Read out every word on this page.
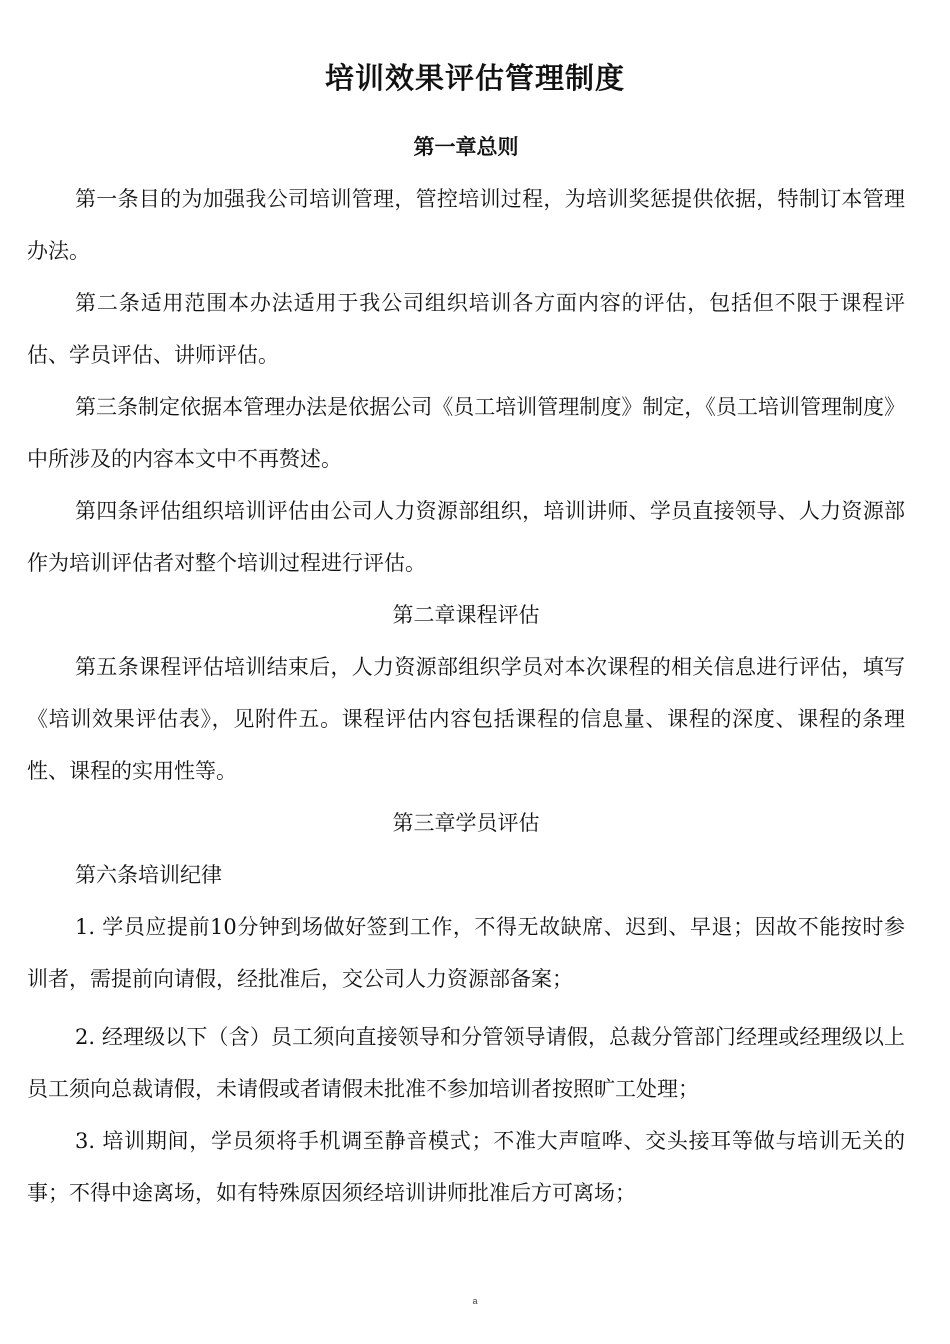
培训效果评估管理制度
第一章总则

第一条目的为加强我公司培训管理，管控培训过程，为培训奖惩提供依据，特制订本管理办法。

第二条适用范围本办法适用于我公司组织培训各方面内容的评估，包括但不限于课程评估、学员评估、讲师评估。

第三条制定依据本管理办法是依据公司《员工培训管理制度》制定，《员工培训管理制度》中所涉及的内容本文中不再赘述。

第四条评估组织培训评估由公司人力资源部组织，培训讲师、学员直接领导、人力资源部作为培训评估者对整个培训过程进行评估。

第二章课程评估

第五条课程评估培训结束后，人力资源部组织学员对本次课程的相关信息进行评估，填写《培训效果评估表》，见附件五。课程评估内容包括课程的信息量、课程的深度、课程的条理性、课程的实用性等。

第三章学员评估

第六条培训纪律

1. 学员应提前10分钟到场做好签到工作，不得无故缺席、迟到、早退；因故不能按时参训者，需提前向请假，经批准后，交公司人力资源部备案；

2. 经理级以下（含）员工须向直接领导和分管领导请假，总裁分管部门经理或经理级以上员工须向总裁请假，未请假或者请假未批准不参加培训者按照旷工处理；

3. 培训期间，学员须将手机调至静音模式；不准大声喧哗、交头接耳等做与培训无关的事；不得中途离场，如有特殊原因须经培训讲师批准后方可离场；

a
